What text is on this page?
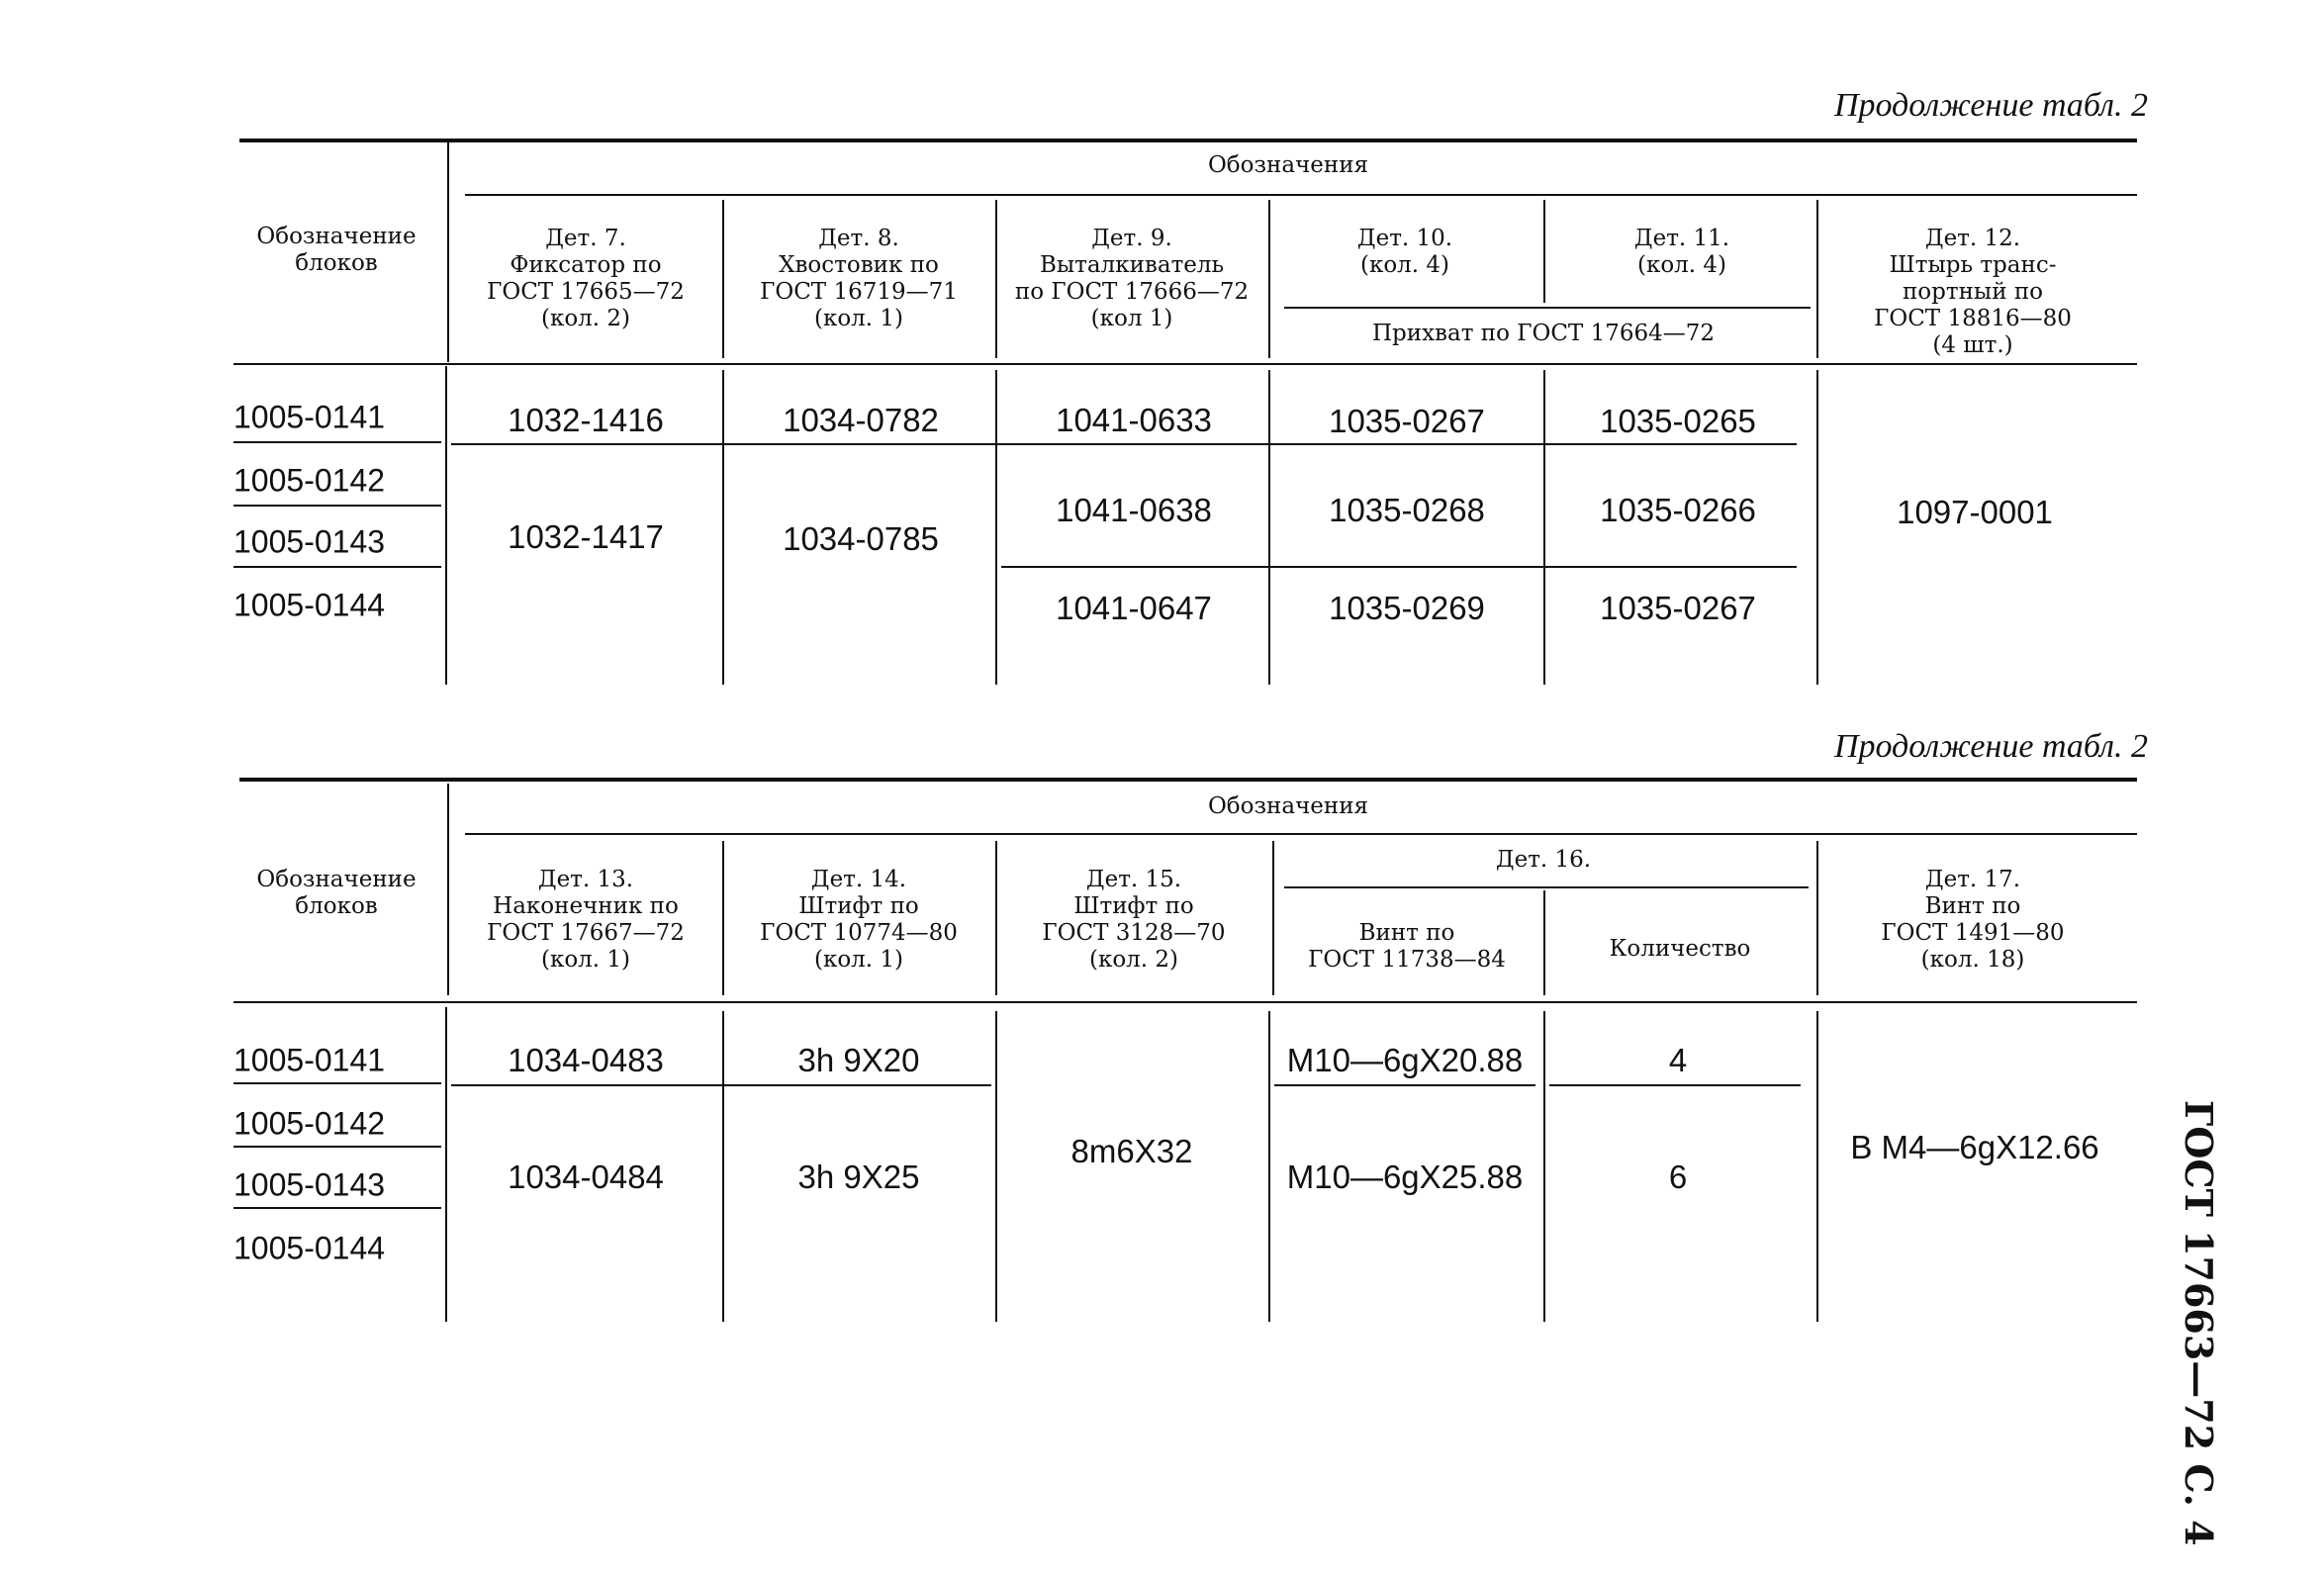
Продолжение табл. 2
Обозначение
блоков
Обозначения
Дет. 7.
Фиксатор по
ГОСТ 17665—72
(кол. 2)
Дет. 8.
Хвостовик по
ГОСТ 16719—71
(кол. 1)
Дет. 9.
Выталкиватель
по ГОСТ 17666—72
(кол 1)
Дет. 10.
(кол. 4)
Дет. 11.
(кол. 4)
Дет. 12.
Штырь транс-
портный по
ГОСТ 18816—80
(4 шт.)
Прихват по ГОСТ 17664—72
1005-0141
1005-0142
1005-0143
1005-0144
1032-1416
1032-1417
1034-0782
1034-0785
1041-0633
1041-0638
1041-0647
1035-0267
1035-0268
1035-0269
1035-0265
1035-0266
1035-0267
1097-0001
Продолжение табл. 2
Обозначение
блоков
Обозначения
Дет. 13.
Наконечник по
ГОСТ 17667—72
(кол. 1)
Дет. 14.
Штифт по
ГОСТ 10774—80
(кол. 1)
Дет. 15.
Штифт по
ГОСТ 3128—70
(кол. 2)
Дет. 16.
Винт по
ГОСТ 11738—84	Количество
Дет. 17.
Винт по
ГОСТ 1491—80
(кол. 18)
1005-0141
1005-0142
1005-0143
1005-0144
1034-0483
1034-0484
3h 9X20
3h 9X25
8m6X32
M10—6gX20.88
M10—6gX25.88
4
6
B M4—6gX12.66 ГОСТ 17663—72 С. 4
